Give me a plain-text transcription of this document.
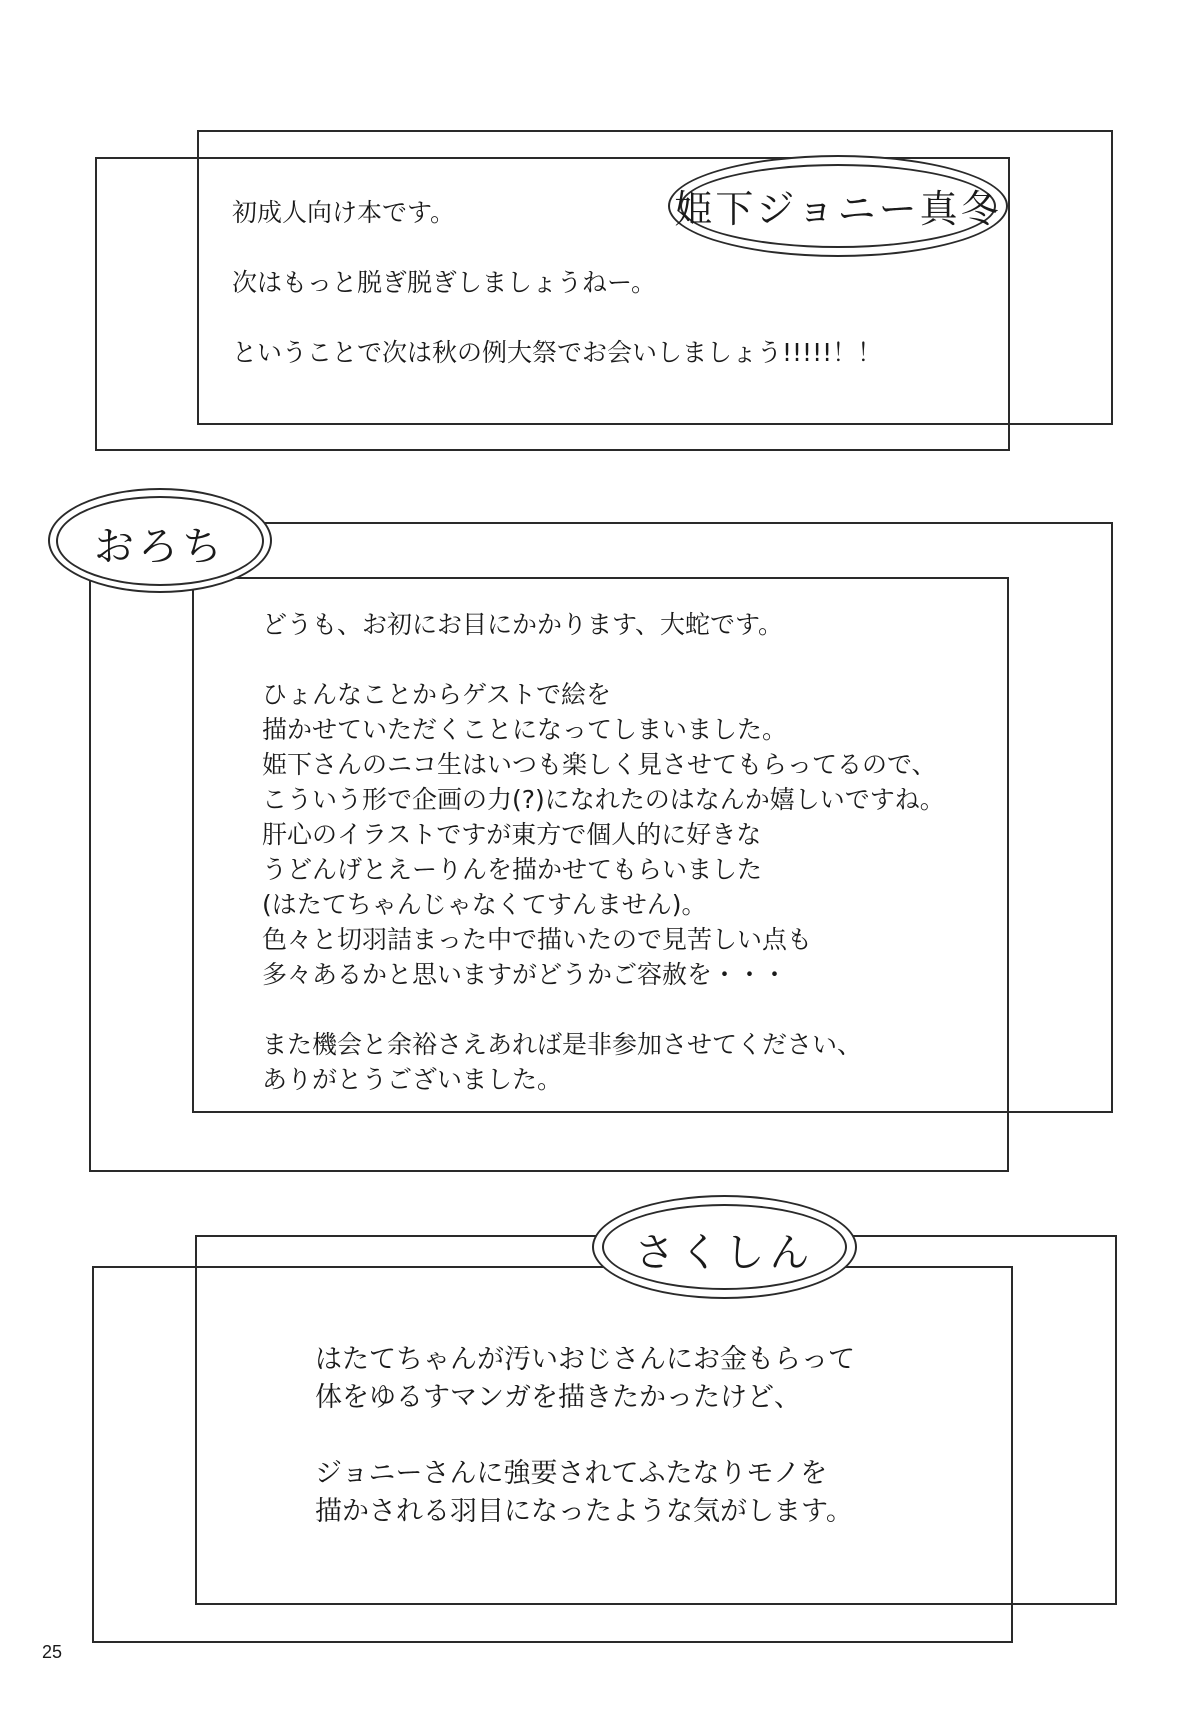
姫下ジョニー真冬

初成人向け本です。

次はもっと脱ぎ脱ぎしましょうねー。

ということで次は秋の例大祭でお会いしましょう!!!!!！！

おろち

どうも、お初にお目にかかります、大蛇です。

ひょんなことからゲストで絵を

描かせていただくことになってしまいました。

姫下さんのニコ生はいつも楽しく見させてもらってるので、

こういう形で企画の力(?)になれたのはなんか嬉しいですね。

肝心のイラストですが東方で個人的に好きな

うどんげとえーりんを描かせてもらいました

(はたてちゃんじゃなくてすんません)。

色々と切羽詰まった中で描いたので見苦しい点も

多々あるかと思いますがどうかご容赦を・・・

また機会と余裕さえあれば是非参加させてください、

ありがとうございました。

さくしん

はたてちゃんが汚いおじさんにお金もらって

体をゆるすマンガを描きたかったけど、

ジョニーさんに強要されてふたなりモノを

描かされる羽目になったような気がします。

25
